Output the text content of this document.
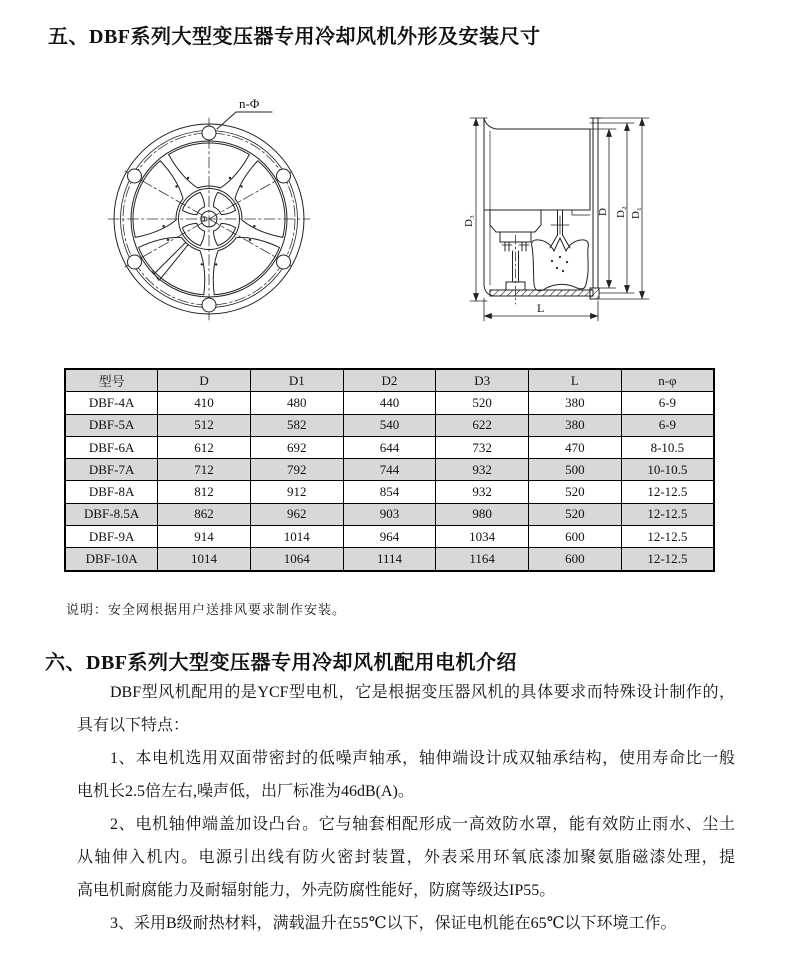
五、DBF系列大型变压器专用冷却风机外形及安装尺寸
n-Φ
D₃
D D₂ D₁
L
型号	D	D1	D2	D3	L	n-φ
DBF-4A	410	480	440	520	380	6-9
DBF-5A	512	582	540	622	380	6-9
DBF-6A	612	692	644	732	470	8-10.5
DBF-7A	712	792	744	932	500	10-10.5
DBF-8A	812	912	854	932	520	12-12.5
DBF-8.5A	862	962	903	980	520	12-12.5
DBF-9A	914	1014	964	1034	600	12-12.5
DBF-10A	1014	1064	1114	1164	600	12-12.5
说明：安全网根据用户送排风要求制作安装。
六、DBF系列大型变压器专用冷却风机配用电机介绍
DBF型风机配用的是YCF型电机，它是根据变压器风机的具体要求而特殊设计制作的，
具有以下特点：
1、本电机选用双面带密封的低噪声轴承，轴伸端设计成双轴承结构，使用寿命比一般
电机长2.5倍左右,噪声低，出厂标准为46dB(A)。
2、电机轴伸端盖加设凸台。它与轴套相配形成一高效防水罩，能有效防止雨水、尘土
从轴伸入机内。电源引出线有防火密封装置，外表采用环氧底漆加聚氨脂磁漆处理，提
高电机耐腐能力及耐辐射能力，外壳防腐性能好，防腐等级达IP55。
3、采用B级耐热材料，满载温升在55℃以下，保证电机能在65℃以下环境工作。
